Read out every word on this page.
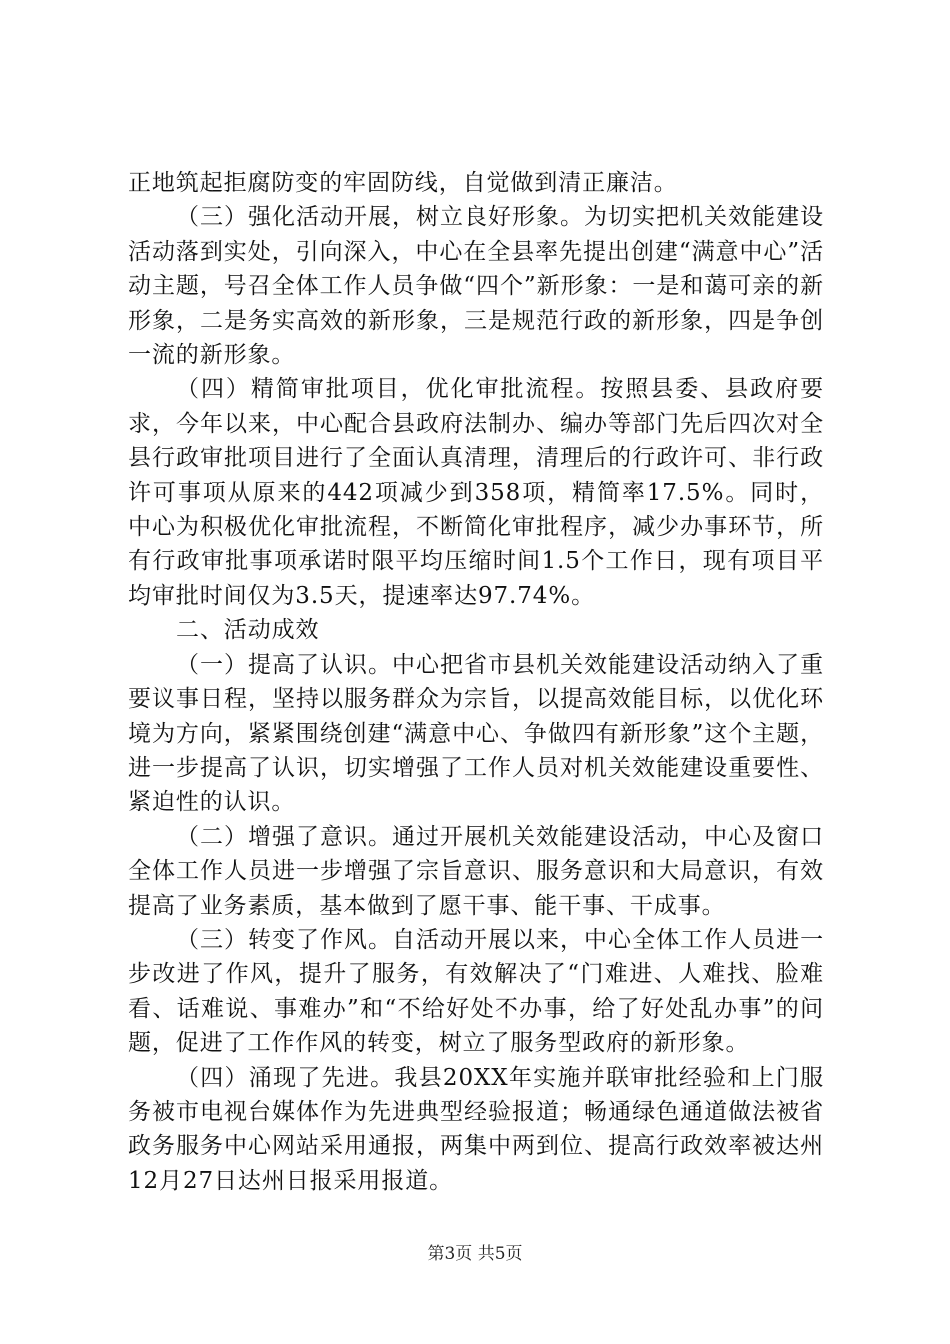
正地筑起拒腐防变的牢固防线，自觉做到清正廉洁。

（三）强化活动开展，树立良好形象。为切实把机关效能建设活动落到实处，引向深入，中心在全县率先提出创建“满意中心”活动主题，号召全体工作人员争做“四个”新形象：一是和蔼可亲的新形象，二是务实高效的新形象，三是规范行政的新形象，四是争创一流的新形象。

（四）精简审批项目，优化审批流程。按照县委、县政府要求，今年以来，中心配合县政府法制办、编办等部门先后四次对全县行政审批项目进行了全面认真清理，清理后的行政许可、非行政许可事项从原来的442项减少到358项，精简率17.5%。同时，中心为积极优化审批流程，不断简化审批程序，减少办事环节，所有行政审批事项承诺时限平均压缩时间1.5个工作日，现有项目平均审批时间仅为3.5天，提速率达97.74%。

二、活动成效

（一）提高了认识。中心把省市县机关效能建设活动纳入了重要议事日程，坚持以服务群众为宗旨，以提高效能目标，以优化环境为方向，紧紧围绕创建“满意中心、争做四有新形象”这个主题，进一步提高了认识，切实增强了工作人员对机关效能建设重要性、紧迫性的认识。

（二）增强了意识。通过开展机关效能建设活动，中心及窗口全体工作人员进一步增强了宗旨意识、服务意识和大局意识，有效提高了业务素质，基本做到了愿干事、能干事、干成事。

（三）转变了作风。自活动开展以来，中心全体工作人员进一步改进了作风，提升了服务，有效解决了“门难进、人难找、脸难看、话难说、事难办”和“不给好处不办事，给了好处乱办事”的问题，促进了工作作风的转变，树立了服务型政府的新形象。

（四）涌现了先进。我县20XX年实施并联审批经验和上门服务被市电视台媒体作为先进典型经验报道；畅通绿色通道做法被省政务服务中心网站采用通报，两集中两到位、提高行政效率被达州12月27日达州日报采用报道。

第3页 共5页
